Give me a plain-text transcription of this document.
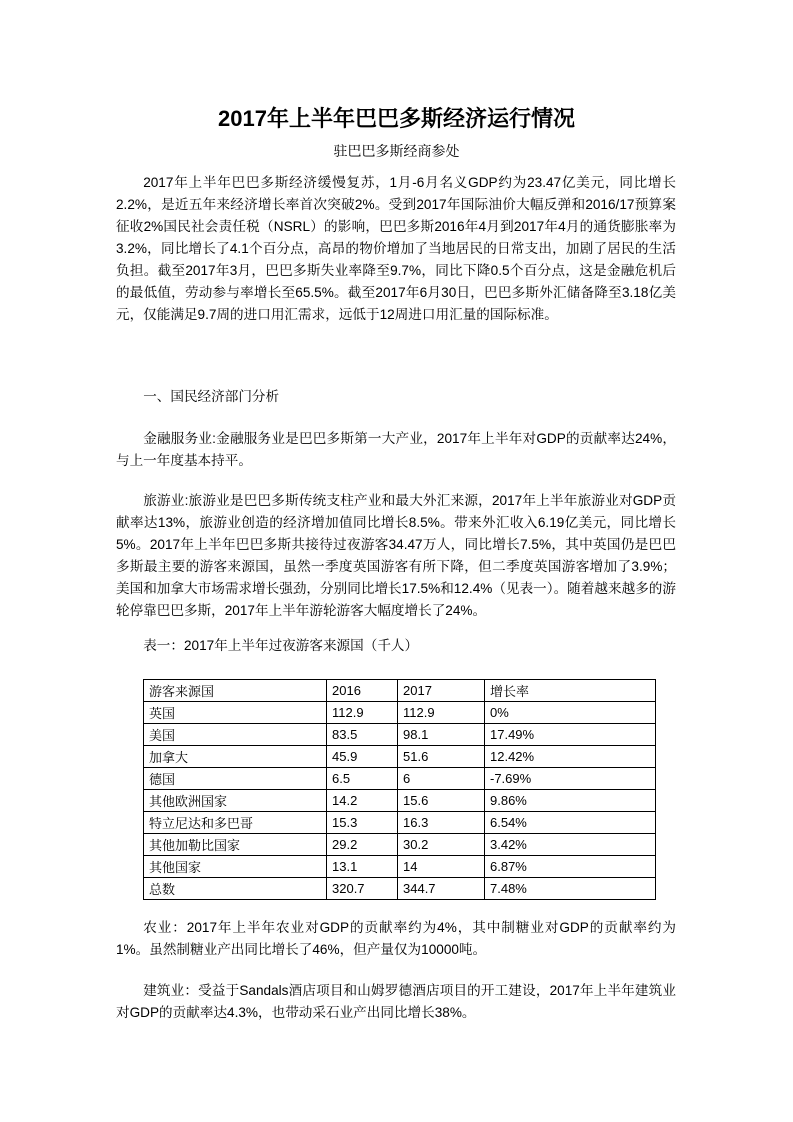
2017年上半年巴巴多斯经济运行情况
驻巴巴多斯经商参处

2017年上半年巴巴多斯经济缓慢复苏，1月-6月名义GDP约为23.47亿美元，同比增长2.2%，是近五年来经济增长率首次突破2%。受到2017年国际油价大幅反弹和2016/17预算案征收2%国民社会责任税（NSRL）的影响，巴巴多斯2016年4月到2017年4月的通货膨胀率为3.2%，同比增长了4.1个百分点，高昂的物价增加了当地居民的日常支出，加剧了居民的生活负担。截至2017年3月，巴巴多斯失业率降至9.7%，同比下降0.5个百分点，这是金融危机后的最低值，劳动参与率增长至65.5%。截至2017年6月30日，巴巴多斯外汇储备降至3.18亿美元，仅能满足9.7周的进口用汇需求，远低于12周进口用汇量的国际标准。

一、国民经济部门分析

金融服务业:金融服务业是巴巴多斯第一大产业，2017年上半年对GDP的贡献率达24%，与上一年度基本持平。

旅游业:旅游业是巴巴多斯传统支柱产业和最大外汇来源，2017年上半年旅游业对GDP贡献率达13%，旅游业创造的经济增加值同比增长8.5%。带来外汇收入6.19亿美元，同比增长5%。2017年上半年巴巴多斯共接待过夜游客34.47万人，同比增长7.5%，其中英国仍是巴巴多斯最主要的游客来源国，虽然一季度英国游客有所下降，但二季度英国游客增加了3.9%；美国和加拿大市场需求增长强劲，分别同比增长17.5%和12.4%（见表一）。随着越来越多的游轮停靠巴巴多斯，2017年上半年游轮游客大幅度增长了24%。

表一：2017年上半年过夜游客来源国（千人）

游客来源国	2016	2017	增长率
英国	112.9	112.9	0%
美国	83.5	98.1	17.49%
加拿大	45.9	51.6	12.42%
德国	6.5	6	-7.69%
其他欧洲国家	14.2	15.6	9.86%
特立尼达和多巴哥	15.3	16.3	6.54%
其他加勒比国家	29.2	30.2	3.42%
其他国家	13.1	14	6.87%
总数	320.7	344.7	7.48%

农业：2017年上半年农业对GDP的贡献率约为4%，其中制糖业对GDP的贡献率约为1%。虽然制糖业产出同比增长了46%，但产量仅为10000吨。

建筑业：受益于Sandals酒店项目和山姆罗德酒店项目的开工建设，2017年上半年建筑业对GDP的贡献率达4.3%，也带动采石业产出同比增长38%。
